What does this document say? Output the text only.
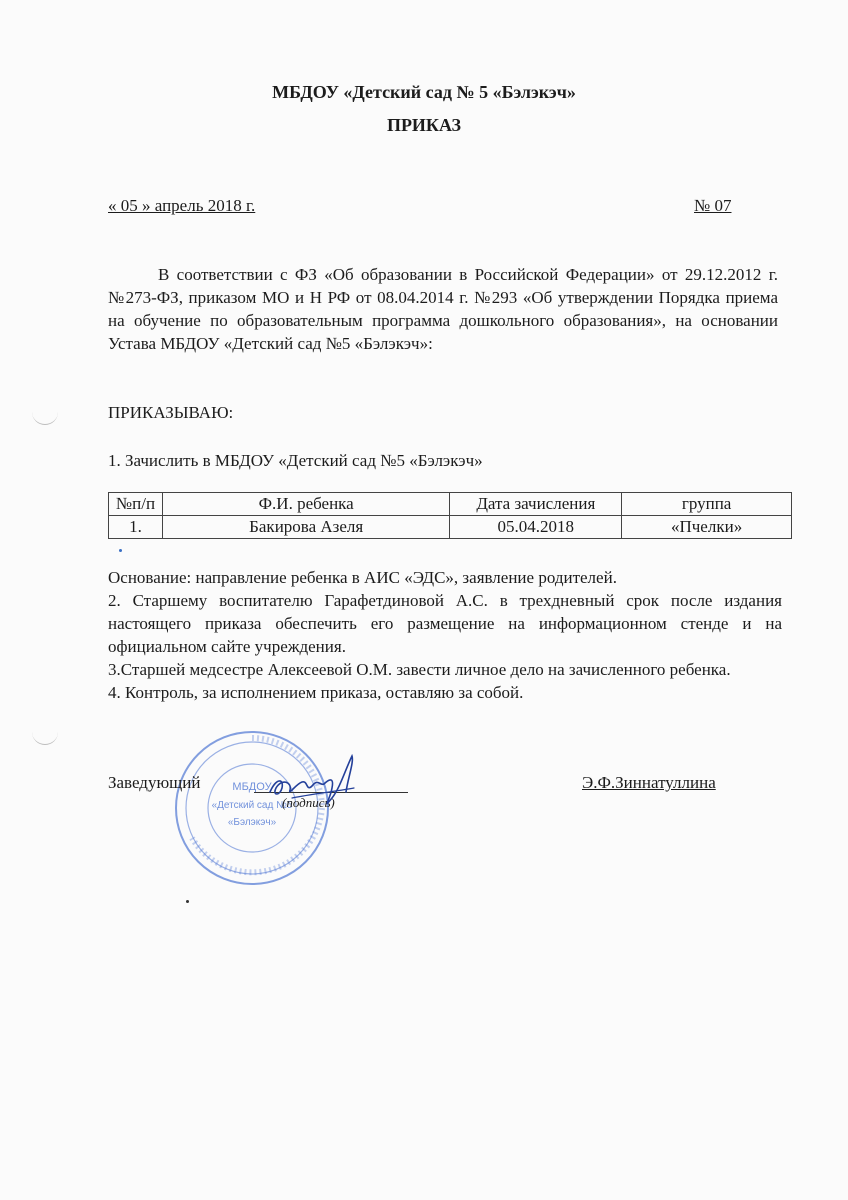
МБДОУ «Детский сад № 5 «Бэлэкэч»
ПРИКАЗ
« 05 » апрель 2018 г.	№ 07
В соответствии с ФЗ «Об образовании в Российской Федерации» от 29.12.2012 г. №273-ФЗ, приказом МО и Н РФ от 08.04.2014 г. №293 «Об утверждении Порядка приема на обучение по образовательным программа дошкольного образования», на основании Устава МБДОУ «Детский сад №5 «Бэлэкэч»:
ПРИКАЗЫВАЮ:
1. Зачислить в МБДОУ «Детский сад №5 «Бэлэкэч»
№п/п	Ф.И. ребенка	Дата зачисления	группа
1.	Бакирова Азеля	05.04.2018	«Пчелки»

Основание: направление ребенка в АИС «ЭДС», заявление родителей.

2. Старшему воспитателю Гарафетдиновой А.С. в трехдневный срок после издания настоящего приказа обеспечить его размещение на информационном стенде и на официальном сайте учреждения.

3.Старшей медсестре Алексеевой О.М. завести личное дело на зачисленного ребенка.

4. Контроль, за исполнением приказа, оставляю за собой.

МБДОУ
«Детский сад №5
«Бэлэкэч»
Заведующий
(подпись)
Э.Ф.Зиннатуллина
